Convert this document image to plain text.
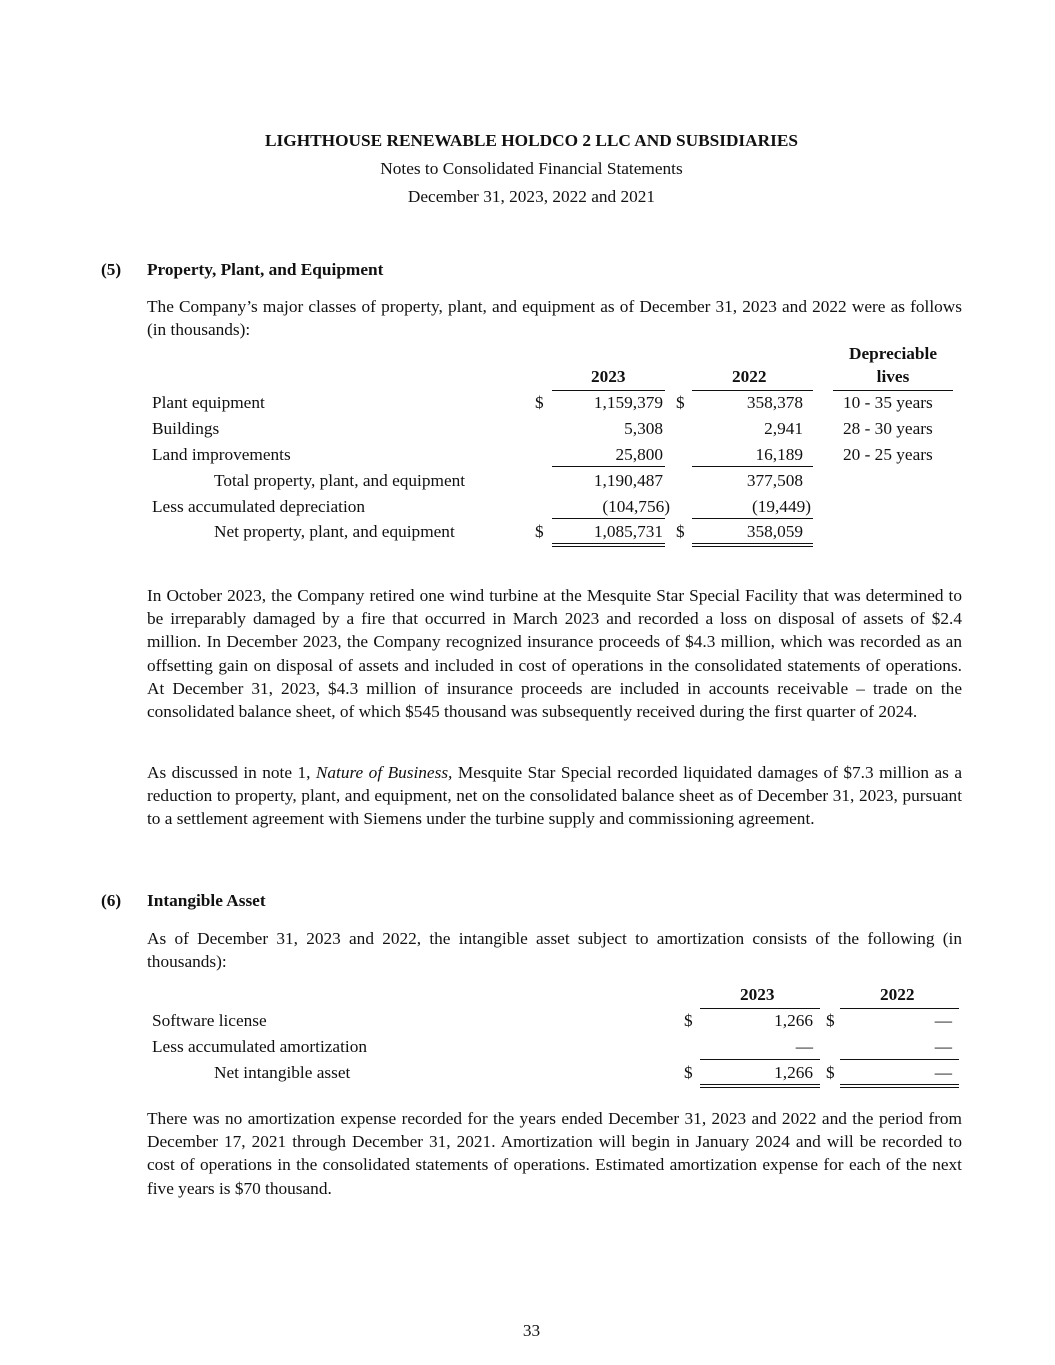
LIGHTHOUSE RENEWABLE HOLDCO 2 LLC AND SUBSIDIARIES
Notes to Consolidated Financial Statements
December 31, 2023, 2022 and 2021
(5) Property, Plant, and Equipment
The Company’s major classes of property, plant, and equipment as of December 31, 2023 and 2022 were as follows (in thousands):
2023	2022
Depreciable
lives
Plant equipment	$	1,159,379 $	358,378 10 - 35 years
Buildings	5,308	2,941 28 - 30 years
Land improvements	25,800	16,189 20 - 25 years
Total property, plant, and equipment	1,190,487	377,508
Less accumulated depreciation	(104,756)	(19,449)
Net property, plant, and equipment	$	1,085,731 $	358,059
In October 2023, the Company retired one wind turbine at the Mesquite Star Special Facility that was determined to be irreparably damaged by a fire that occurred in March 2023 and recorded a loss on disposal of assets of $2.4 million. In December 2023, the Company recognized insurance proceeds of $4.3 million, which was recorded as an offsetting gain on disposal of assets and included in cost of operations in the consolidated statements of operations. At December 31, 2023, $4.3 million of insurance proceeds are included in accounts receivable – trade on the consolidated balance sheet, of which $545 thousand was subsequently received during the first quarter of 2024.
As discussed in note 1, Nature of Business, Mesquite Star Special recorded liquidated damages of $7.3 million as a reduction to property, plant, and equipment, net on the consolidated balance sheet as of December 31, 2023, pursuant to a settlement agreement with Siemens under the turbine supply and commissioning agreement.
(6) Intangible Asset
As of December 31, 2023 and 2022, the intangible asset subject to amortization consists of the following (in thousands):
2023	2022
Software license	$	1,266 $	—
Less accumulated amortization	—	—
Net intangible asset	$	1,266 $	—
There was no amortization expense recorded for the years ended December 31, 2023 and 2022 and the period from December 17, 2021 through December 31, 2021. Amortization will begin in January 2024 and will be recorded to cost of operations in the consolidated statements of operations. Estimated amortization expense for each of the next five years is $70 thousand.
33
